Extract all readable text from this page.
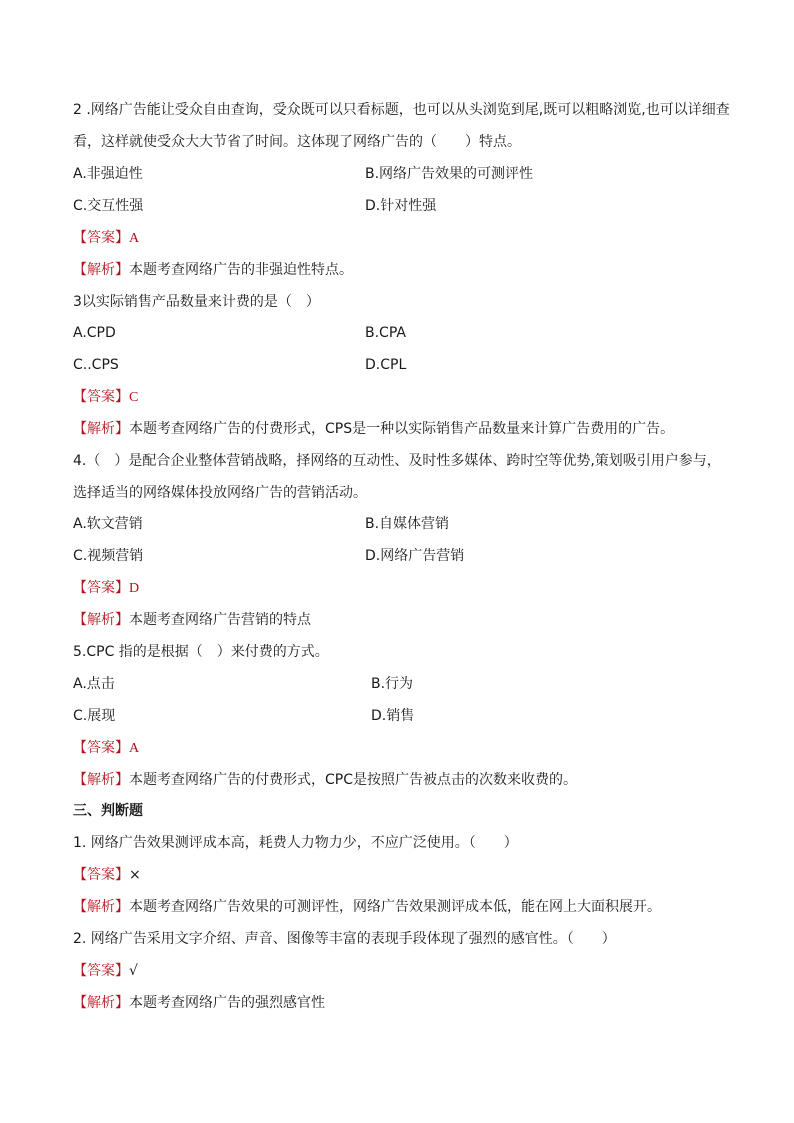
2 .网络广告能让受众自由查询，受众既可以只看标题，也可以从头浏览到尾,既可以粗略浏览,也可以详细查
看，这样就使受众大大节省了时间。这体现了网络广告的（　　）特点。
A.非强迫性	B.网络广告效果的可测评性
C.交互性强	D.针对性强
【答案】A
【解析】本题考查网络广告的非强迫性特点。
3以实际销售产品数量来计费的是（　）
A.CPD	B.CPA
C..CPS	D.CPL
【答案】C
【解析】本题考查网络广告的付费形式，CPS是一种以实际销售产品数量来计算广告费用的广告。
4.（　）是配合企业整体营销战略，择网络的互动性、及时性多媒体、跨时空等优势,策划吸引用户参与，
选择适当的网络媒体投放网络广告的营销活动。
A.软文营销	B.自媒体营销
C.视频营销	D.网络广告营销
【答案】D
【解析】本题考查网络广告营销的特点
5.CPC 指的是根据（　）来付费的方式。
A.点击	B.行为
C.展现	D.销售
【答案】A
【解析】本题考查网络广告的付费形式，CPC是按照广告被点击的次数来收费的。
三、判断题
1. 网络广告效果测评成本高，耗费人力物力少，不应广泛使用。（　　）
【答案】×
【解析】本题考查网络广告效果的可测评性，网络广告效果测评成本低，能在网上大面积展开。
2. 网络广告采用文字介绍、声音、图像等丰富的表现手段体现了强烈的感官性。（　　）
【答案】√
【解析】本题考查网络广告的强烈感官性
